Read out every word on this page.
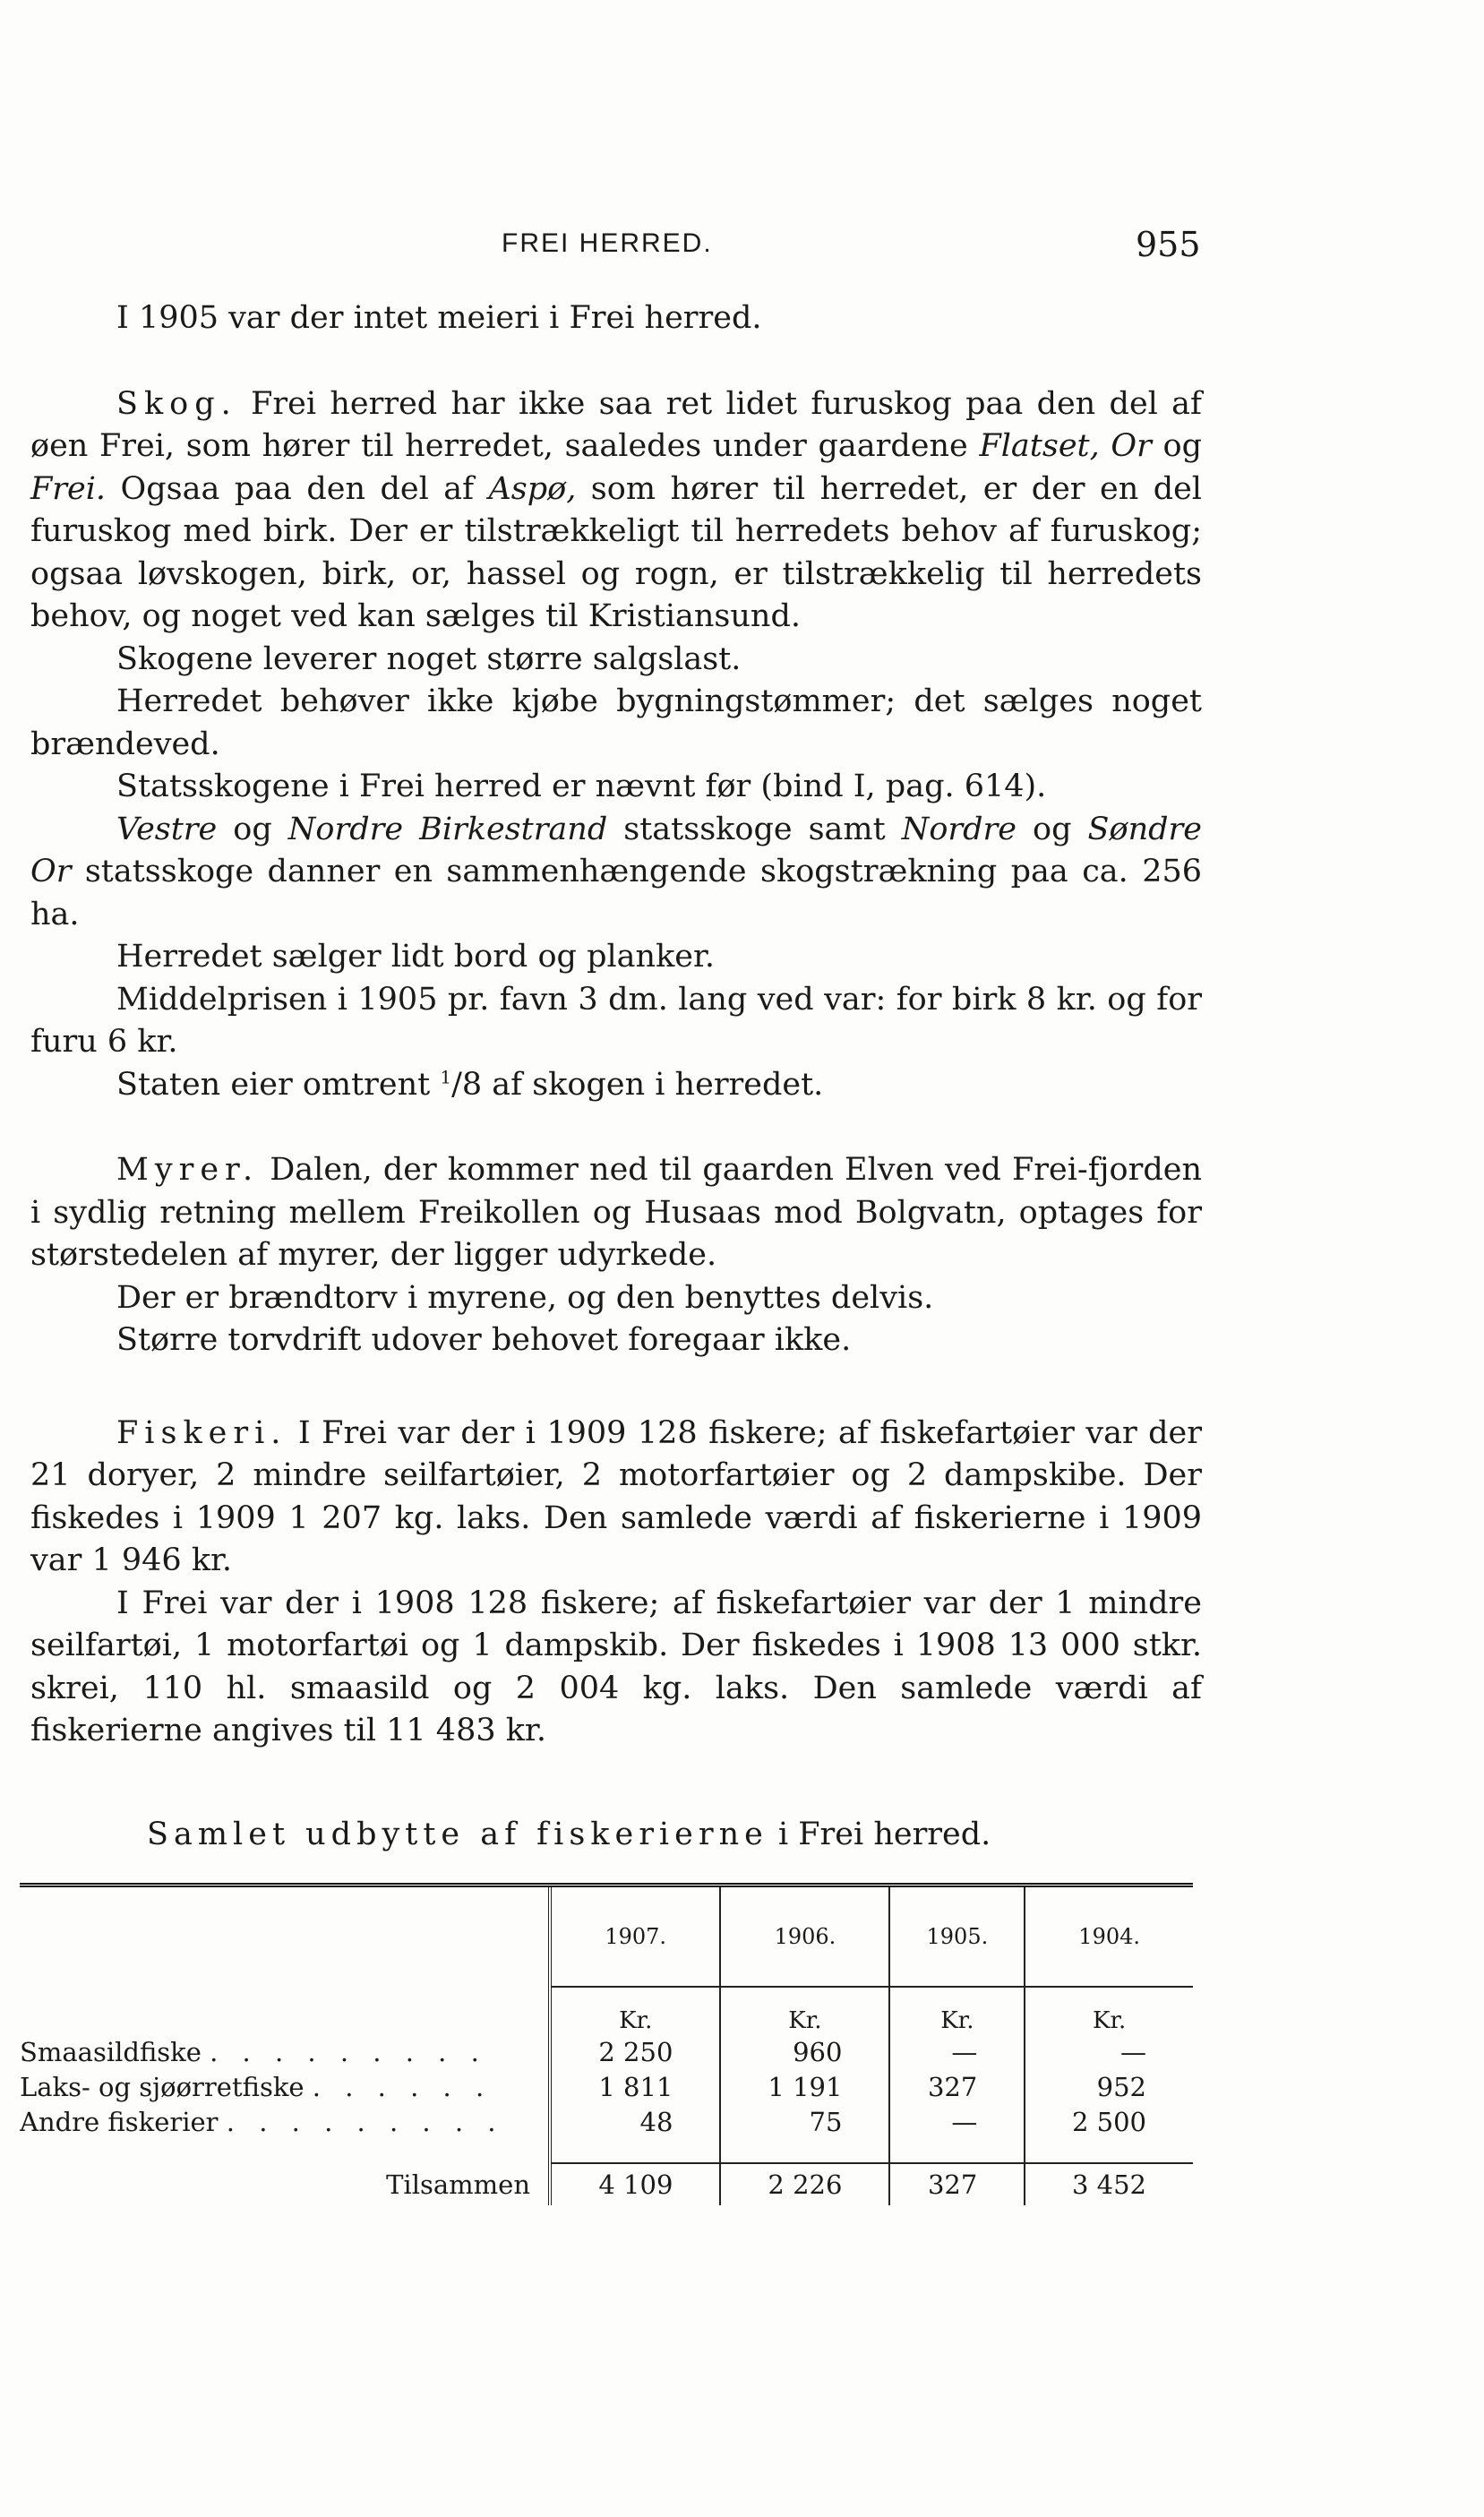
FREI HERRED.	955

I 1905 var der intet meieri i Frei herred.

Skog. Frei herred har ikke saa ret lidet furuskog paa den del af øen Frei, som hører til herredet, saaledes under gaardene Flatset, Or og Frei. Ogsaa paa den del af Aspø, som hører til herredet, er der en del furuskog med birk. Der er tilstrækkeligt til herredets behov af furuskog; ogsaa løvskogen, birk, or, hassel og rogn, er tilstrækkelig til herredets behov, og noget ved kan sælges til Kristiansund.

Skogene leverer noget større salgslast.

Herredet behøver ikke kjøbe bygningstømmer; det sælges noget brændeved.

Statsskogene i Frei herred er nævnt før (bind I, pag. 614).

Vestre og Nordre Birkestrand statsskoge samt Nordre og Søndre Or statsskoge danner en sammenhængende skogstrækning paa ca. 256 ha.

Herredet sælger lidt bord og planker.

Middelprisen i 1905 pr. favn 3 dm. lang ved var: for birk 8 kr. og for furu 6 kr.

Staten eier omtrent $^1$/8 af skogen i herredet.

Myrer. Dalen, der kommer ned til gaarden Elven ved Frei-fjorden i sydlig retning mellem Freikollen og Husaas mod Bolgvatn, optages for størstedelen af myrer, der ligger udyrkede.

Der er brændtorv i myrene, og den benyttes delvis.

Større torvdrift udover behovet foregaar ikke.

Fiskeri. I Frei var der i 1909 128 fiskere; af fiskefartøier var der 21 doryer, 2 mindre seilfartøier, 2 motorfartøier og 2 dampskibe. Der fiskedes i 1909 1 207 kg. laks. Den samlede værdi af fiskerierne i 1909 var 1 946 kr.

I Frei var der i 1908 128 fiskere; af fiskefartøier var der 1 mindre seilfartøi, 1 motorfartøi og 1 dampskib. Der fiskedes i 1908 13 000 stkr. skrei, 110 hl. smaasild og 2 004 kg. laks. Den samlede værdi af fiskerierne angives til 11 483 kr.

Samlet udbytte af fiskerierne i Frei herred.
	1907.	1906.	1905.	1904.
	Kr.	Kr.	Kr.	Kr.
Smaasildfiske . . . . . . . . .	2 250	960	—	—
Laks- og sjøørretfiske . . . . . .	1 811	1 191	327	952
Andre fiskerier . . . . . . . . .	48	75	—	2 500

Tilsammen	4 109	2 226	327	3 452
